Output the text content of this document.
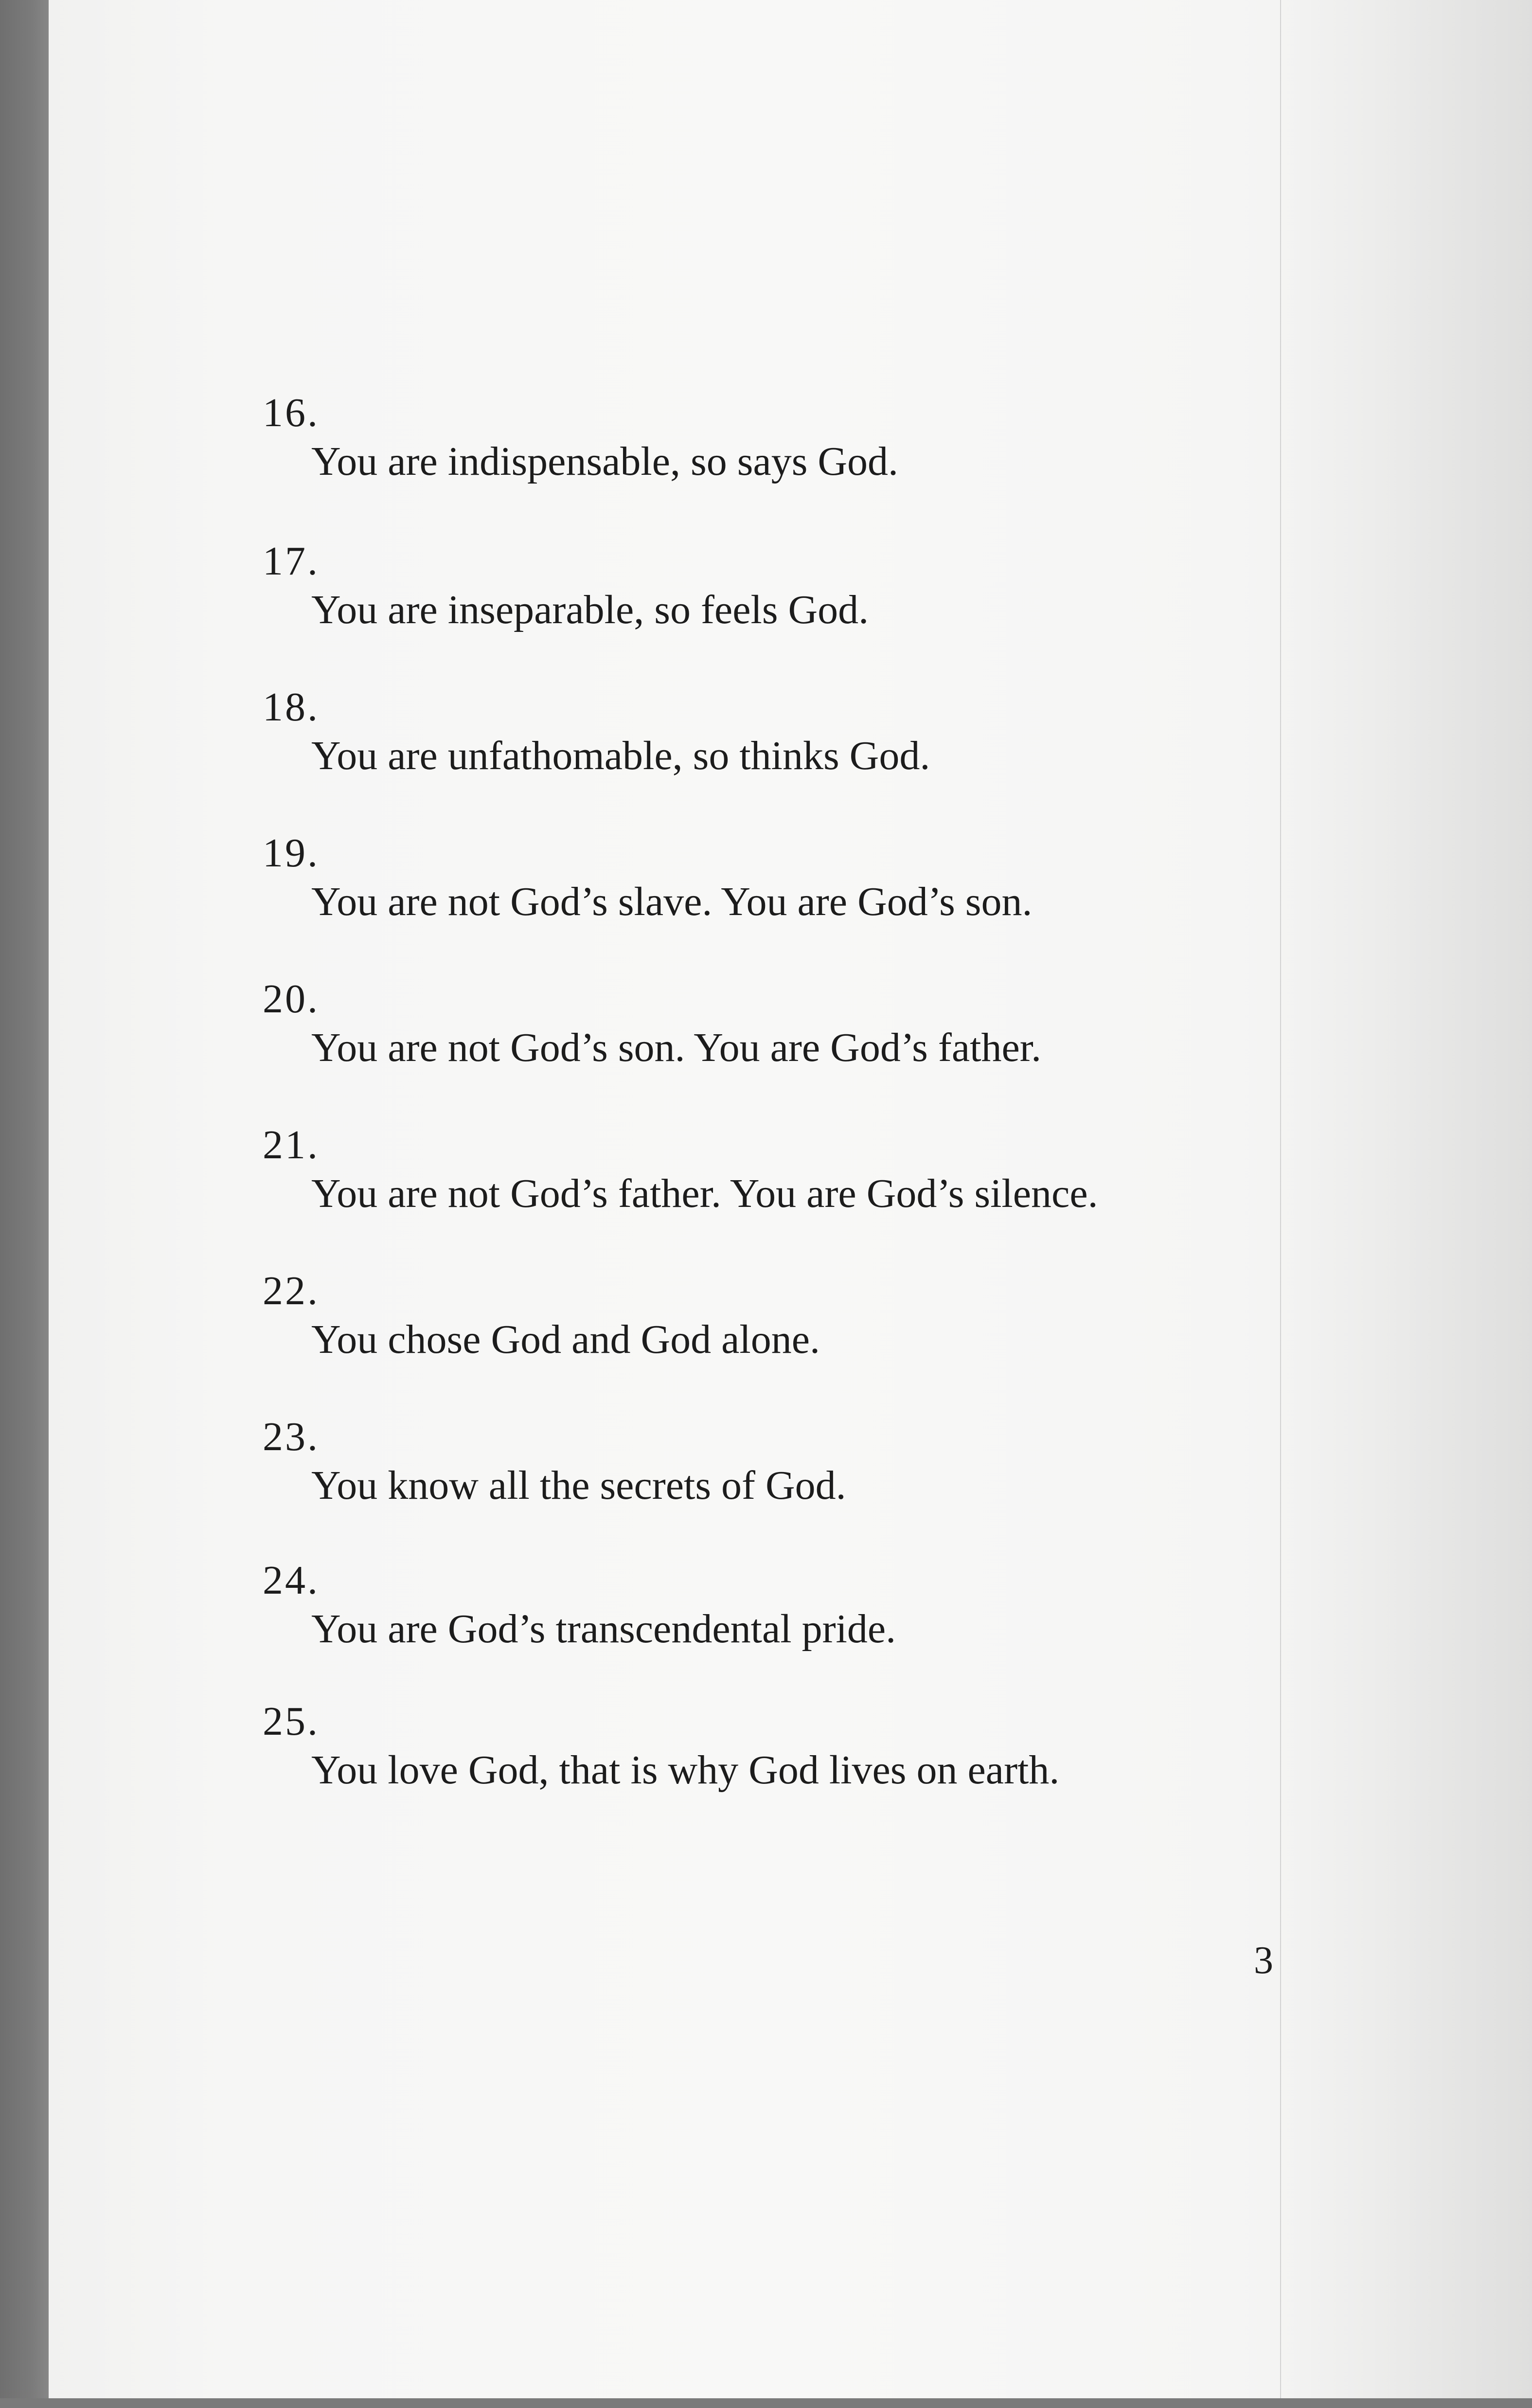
16.
You are indispensable, so says God.
17.
You are inseparable, so feels God.
18.
You are unfathomable, so thinks God.
19.
You are not God’s slave. You are God’s son.
20.
You are not God’s son. You are God’s father.
21.
You are not God’s father. You are God’s silence.
22.
You chose God and God alone.
23.
You know all the secrets of God.
24.
You are God’s transcendental pride.
25.
You love God, that is why God lives on earth.
3
